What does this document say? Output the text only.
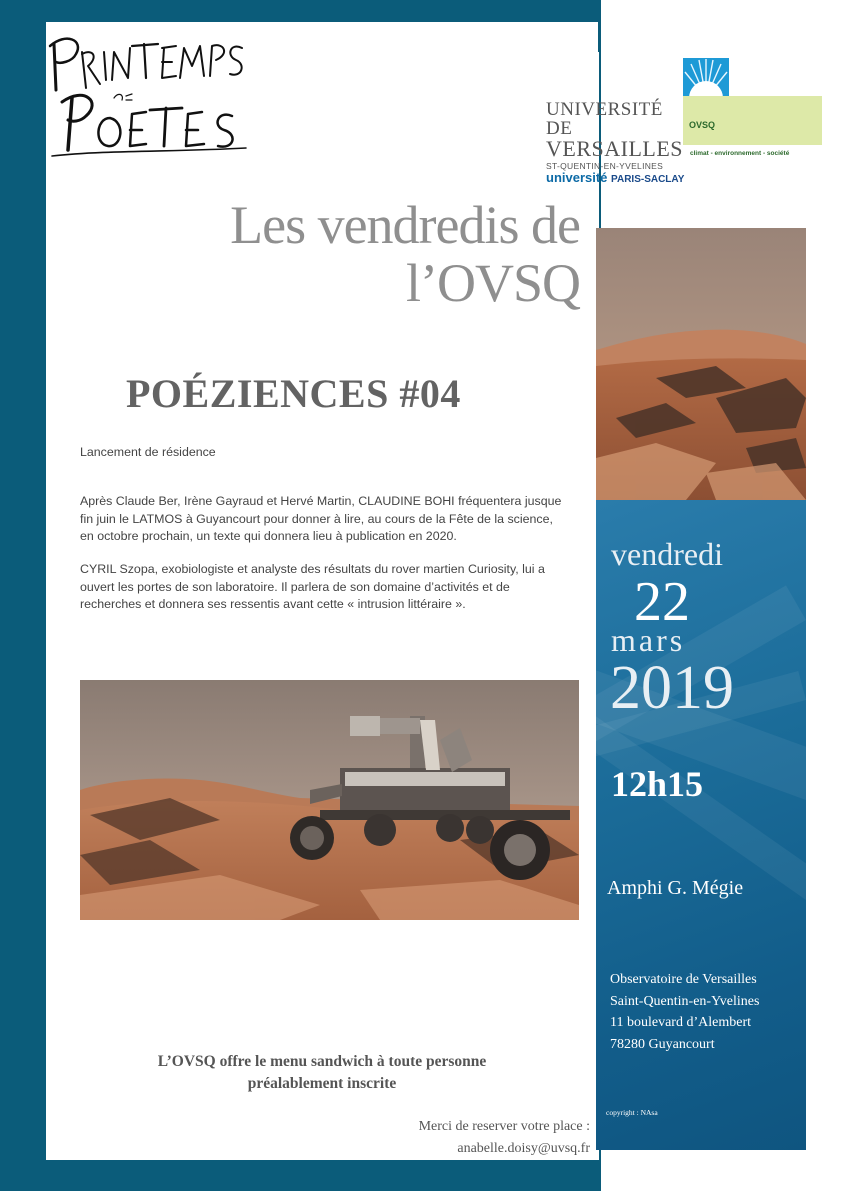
UNIVERSITÉ DE
VERSAILLES
ST-QUENTIN-EN-YVELINES
université PARIS-SACLAY
OVSQ
climat - environnement - société
Les vendredis de
l’OVSQ
POÉZIENCES #04
Lancement de résidence
Après Claude Ber, Irène Gayraud et Hervé Martin, CLAUDINE BOHI fréquentera jusque fin juin le LATMOS à Guyancourt pour donner à lire, au cours de la Fête de la science, en octobre prochain, un texte qui donnera lieu à publication en 2020.
CYRIL Szopa, exobiologiste et analyste des résultats du rover martien Curiosity, lui a ouvert les portes de son laboratoire. Il parlera de son domaine d’activités et de recherches et donnera ses ressentis avant cette « intrusion littéraire ».
vendredi
22
mars
2019
12h15
Amphi G. Mégie
Observatoire de Versailles
Saint-Quentin-en-Yvelines
11 boulevard d’Alembert
78280 Guyancourt
copyright : NAsa
L’OVSQ offre le menu sandwich à toute personne
préalablement inscrite
Merci de reserver votre place :
anabelle.doisy@uvsq.fr
